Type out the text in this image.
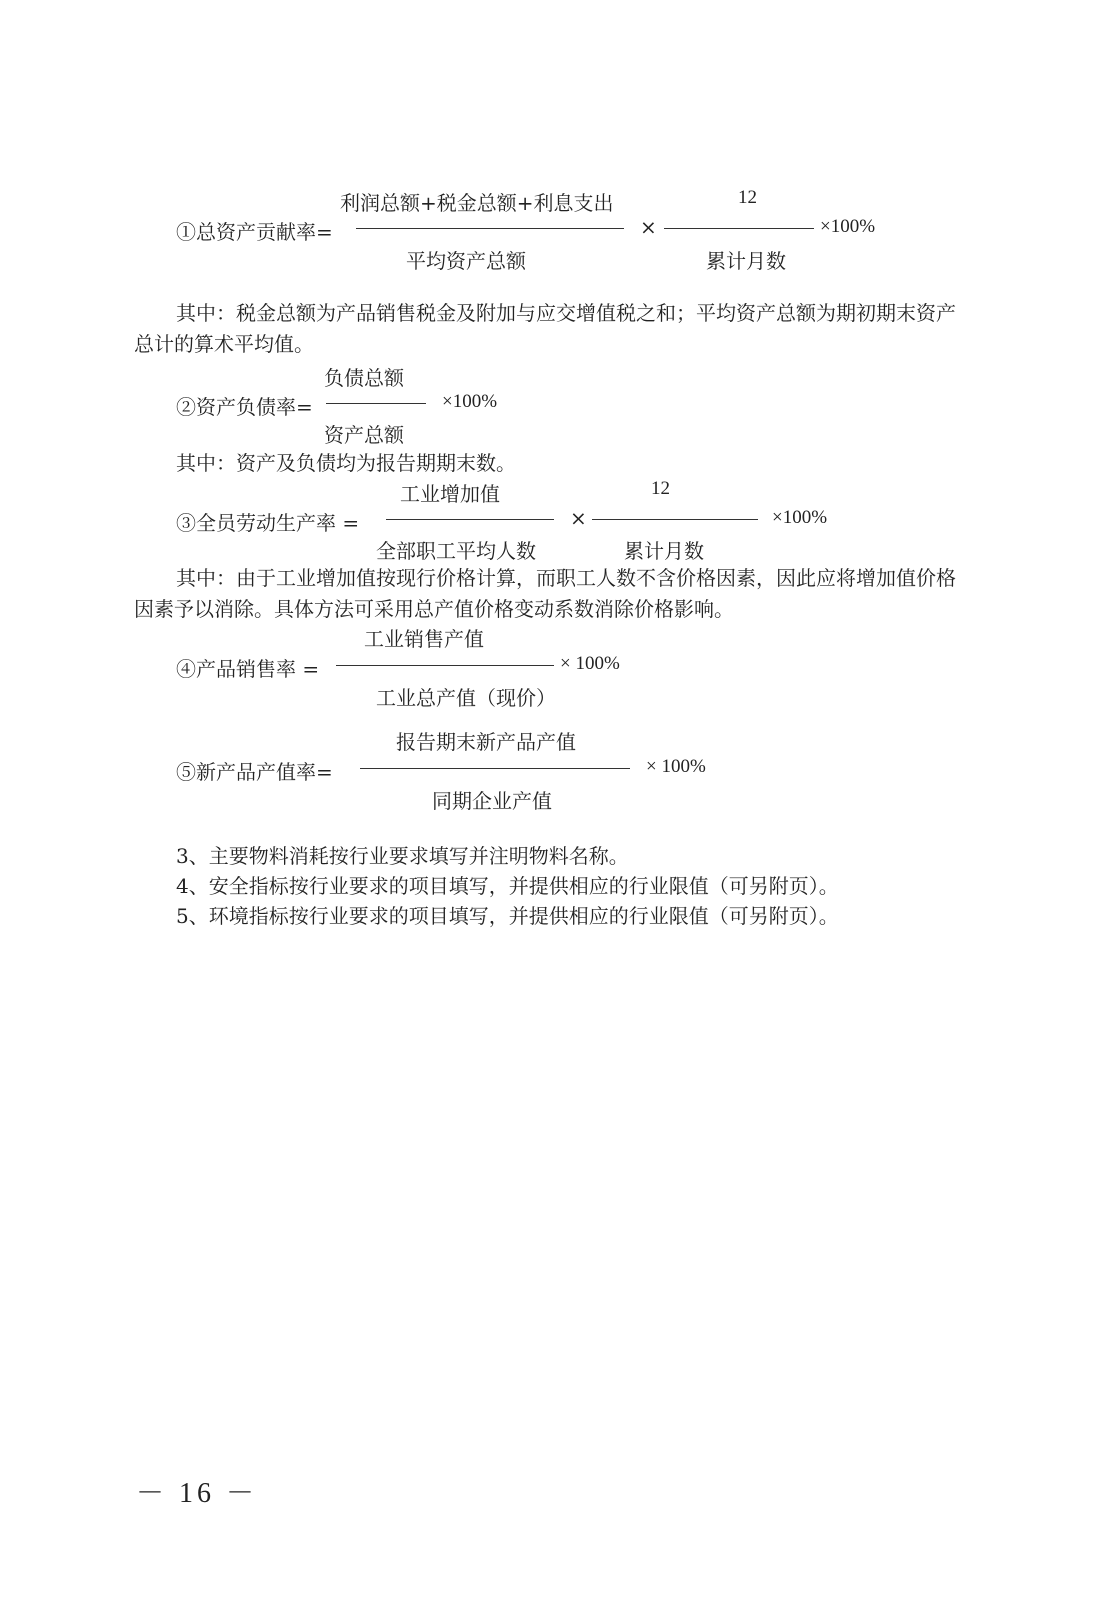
利润总额+税金总额+利息支出	12
①总资产贡献率=	×	×100%
平均资产总额	累计月数
其中：税金总额为产品销售税金及附加与应交增值税之和；平均资产总额为期初期末资产总计的算术平均值。
负债总额
②资产负债率=	×100%
资产总额
其中：资产及负债均为报告期期末数。
工业增加值	12
③全员劳动生产率 =	×	×100%
全部职工平均人数	累计月数
其中：由于工业增加值按现行价格计算，而职工人数不含价格因素，因此应将增加值价格因素予以消除。具体方法可采用总产值价格变动系数消除价格影响。
工业销售产值
④产品销售率 =	× 100%
工业总产值（现价）
报告期末新产品产值
⑤新产品产值率=	× 100%
同期企业产值
3、主要物料消耗按行业要求填写并注明物料名称。
4、安全指标按行业要求的项目填写，并提供相应的行业限值（可另附页）。
5、环境指标按行业要求的项目填写，并提供相应的行业限值（可另附页）。
－ 16 －
